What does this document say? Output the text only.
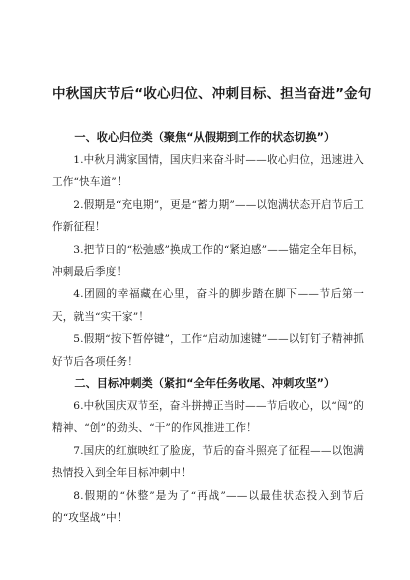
中秋国庆节后“收心归位、冲刺目标、担当奋进”金句
一、收心归位类（聚焦“从假期到工作的状态切换”）

1.中秋月满家国情，国庆归来奋斗时——收心归位，迅速进入工作“快车道”！

2.假期是“充电期”，更是“蓄力期”——以饱满状态开启节后工作新征程！

3.把节日的“松弛感”换成工作的“紧迫感”——锚定全年目标，冲刺最后季度！

4.团圆的幸福藏在心里，奋斗的脚步踏在脚下——节后第一天，就当“实干家”！

5.假期“按下暂停键”，工作“启动加速键”——以钉钉子精神抓好节后各项任务！

二、目标冲刺类（紧扣“全年任务收尾、冲刺攻坚”）

6.中秋国庆双节至，奋斗拼搏正当时——节后收心，以“闯”的精神、“创”的劲头、“干”的作风推进工作！

7.国庆的红旗映红了脸庞，节后的奋斗照亮了征程——以饱满热情投入到全年目标冲刺中！

8.假期的“休整”是为了“再战”——以最佳状态投入到节后的“攻坚战”中！
